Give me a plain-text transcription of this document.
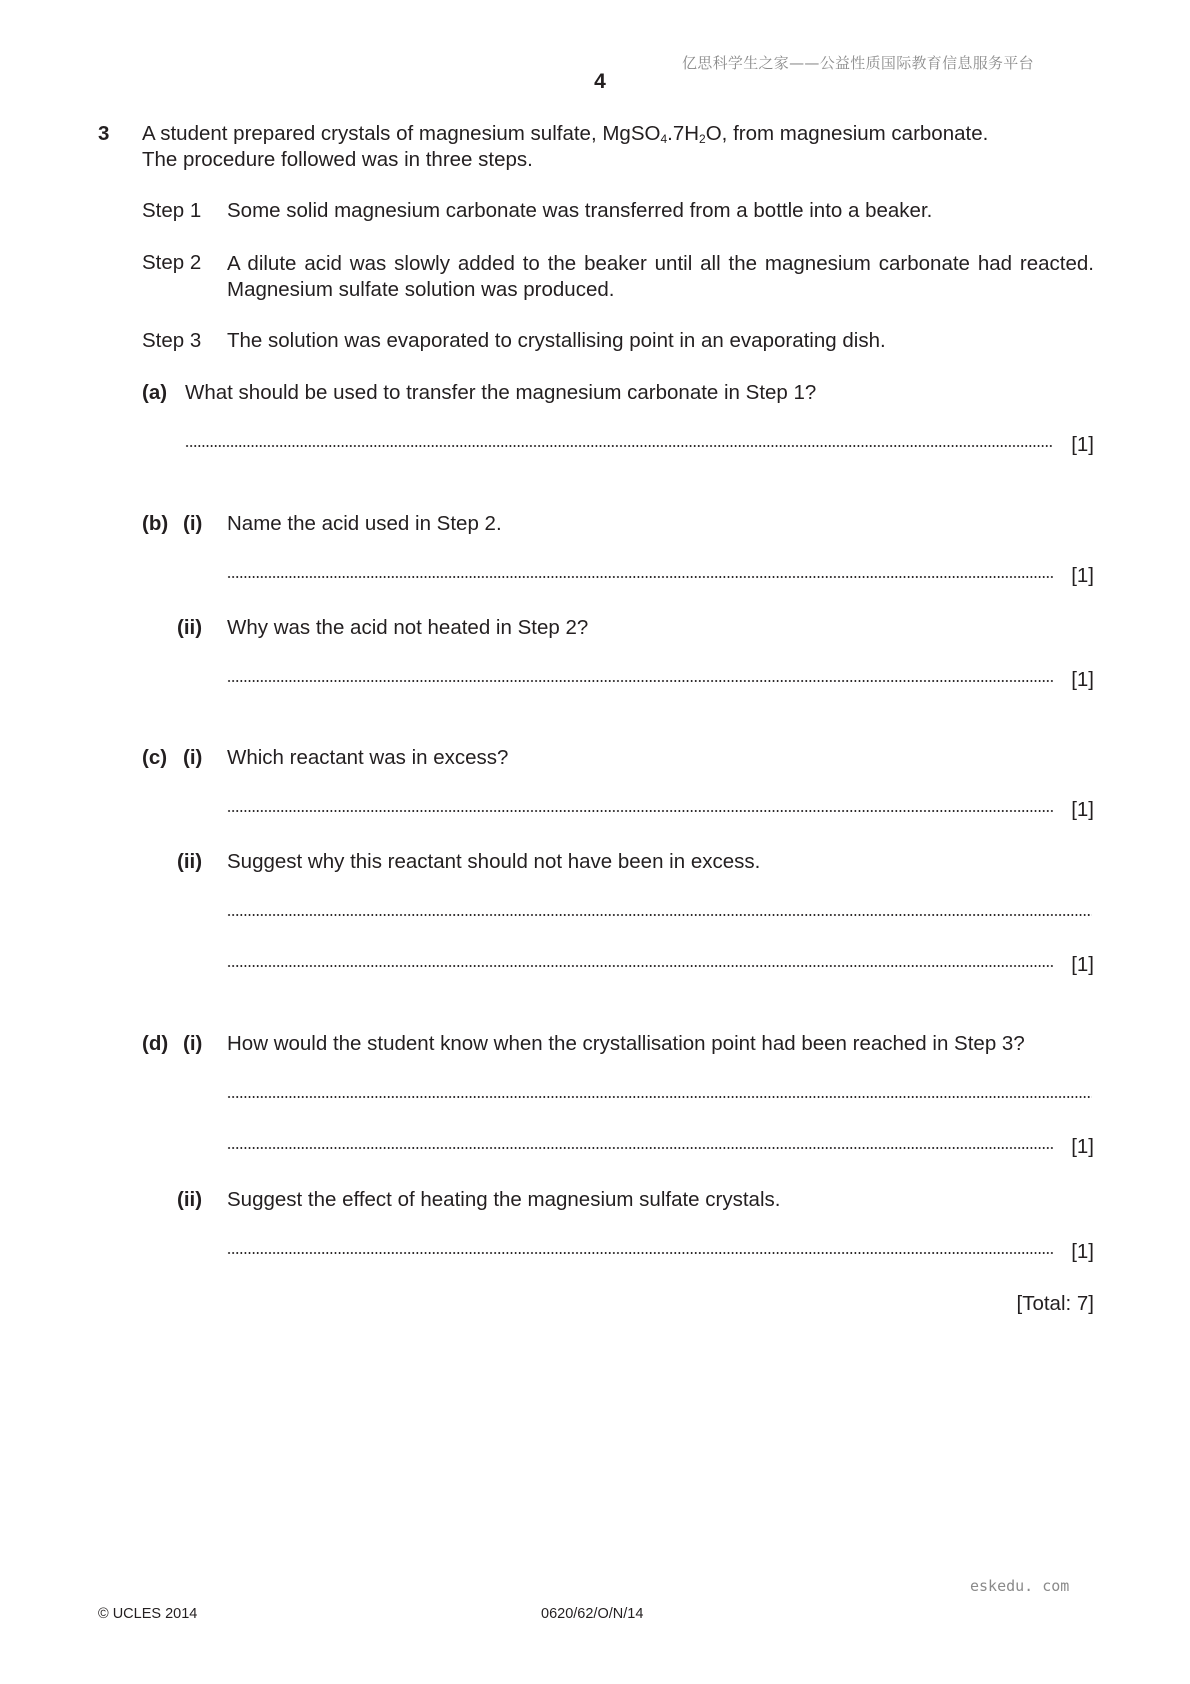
亿思科学生之家——公益性质国际教育信息服务平台
4
3 A student prepared crystals of magnesium sulfate, $MgSO_4.7H_2O$, from magnesium carbonate.
The procedure followed was in three steps.
Step 1 Some solid magnesium carbonate was transferred from a bottle into a beaker.
Step 2 A dilute acid was slowly added to the beaker until all the magnesium carbonate had reacted. Magnesium sulfate solution was produced.
Step 3 The solution was evaporated to crystallising point in an evaporating dish.
(a) What should be used to transfer the magnesium carbonate in Step 1?
[1]
(b) (i) Name the acid used in Step 2.
[1]
(ii) Why was the acid not heated in Step 2?
[1]
(c) (i) Which reactant was in excess?
[1]
(ii) Suggest why this reactant should not have been in excess.
[1]
(d) (i) How would the student know when the crystallisation point had been reached in Step 3?
[1]
(ii) Suggest the effect of heating the magnesium sulfate crystals.
[1]
[Total: 7]
eskedu. com
© UCLES 2014	0620/62/O/N/14
